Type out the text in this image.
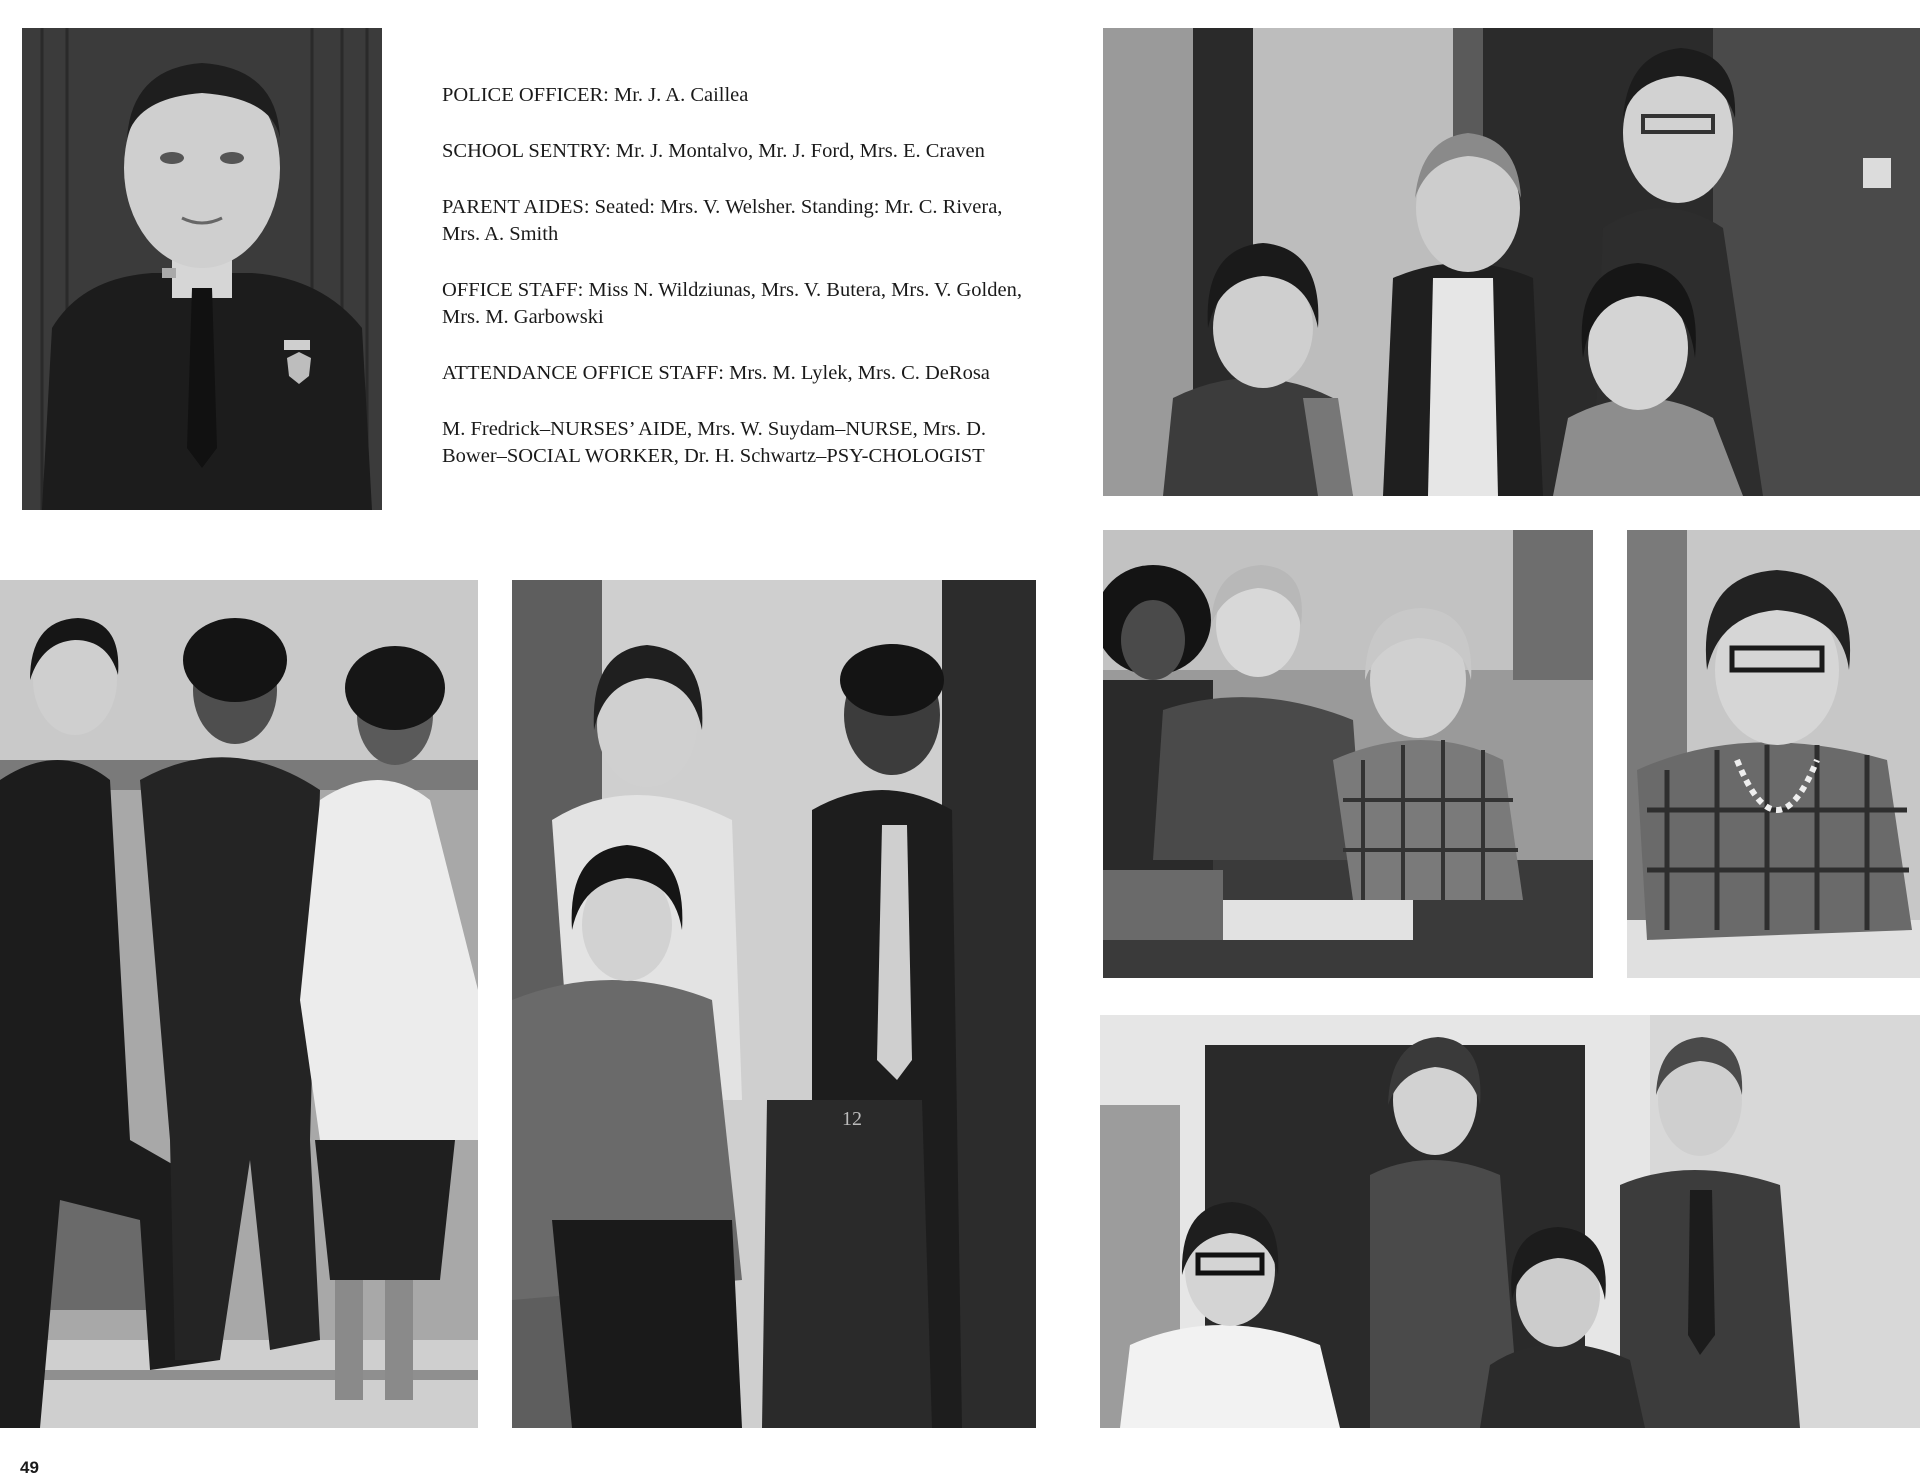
POLICE OFFICER: Mr. J. A. Caillea

SCHOOL SENTRY: Mr. J. Montalvo, Mr. J. Ford, Mrs. E. Craven

PARENT AIDES: Seated: Mrs. V. Welsher. Standing: Mr. C. Rivera, Mrs. A. Smith

OFFICE STAFF: Miss N. Wildziunas, Mrs. V. Butera, Mrs. V. Golden, Mrs. M. Garbowski

ATTENDANCE OFFICE STAFF: Mrs. M. Lylek, Mrs. C. DeRosa

M. Fredrick–NURSES’ AIDE, Mrs. W. Suydam–NURSE, Mrs. D. Bower–SOCIAL WORKER, Dr. H. Schwartz–PSY-CHOLOGIST

12
49
